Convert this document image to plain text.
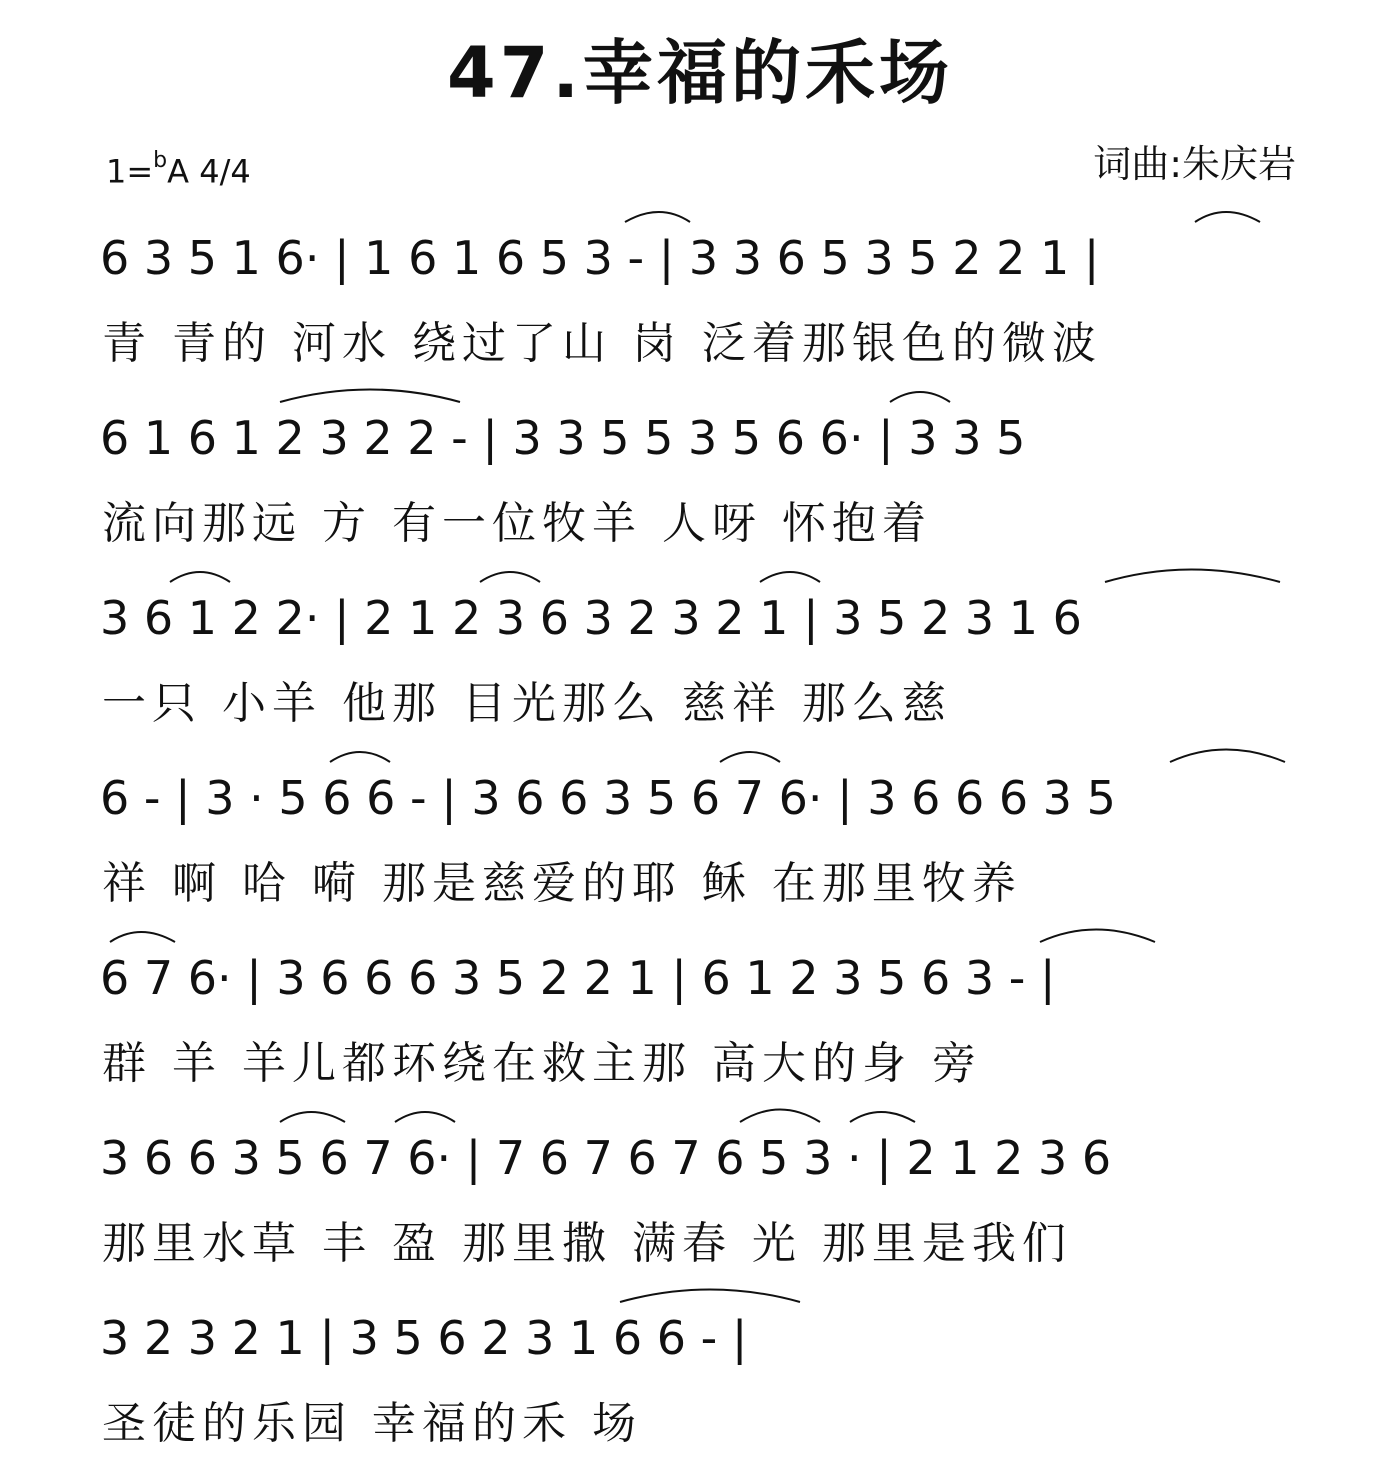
47.幸福的禾场
1=$^b$A 4/4	词曲:朱庆岩
6 3 5 1 6· | 1 6 1 6 5 3 - | 3 3 6 5 3 5 2 2 1 |
青 青的 河水 绕过了山 岗 泛着那银色的微波
6 1 6 1 2 3 2 2 - | 3 3 5 5 3 5 6 6· | 3 3 5
流向那远 方 有一位牧羊 人呀 怀抱着
3 6 1 2 2· | 2 1 2 3 6 3 2 3 2 1 | 3 5 2 3 1 6
一只 小羊 他那 目光那么 慈祥 那么慈
6 - | 3 · 5 6 6 - | 3 6 6 3 5 6 7 6· | 3 6 6 6 3 5
祥 啊 哈 嗬 那是慈爱的耶 稣 在那里牧养
6 7 6· | 3 6 6 6 3 5 2 2 1 | 6 1 2 3 5 6 3 - |
群 羊 羊儿都环绕在救主那 高大的身 旁
3 6 6 3 5 6 7 6· | 7 6 7 6 7 6 5 3 · | 2 1 2 3 6
那里水草 丰 盈 那里撒 满春 光 那里是我们
3 2 3 2 1 | 3 5 6 2 3 1 6 6 - |
圣徒的乐园 幸福的禾 场
